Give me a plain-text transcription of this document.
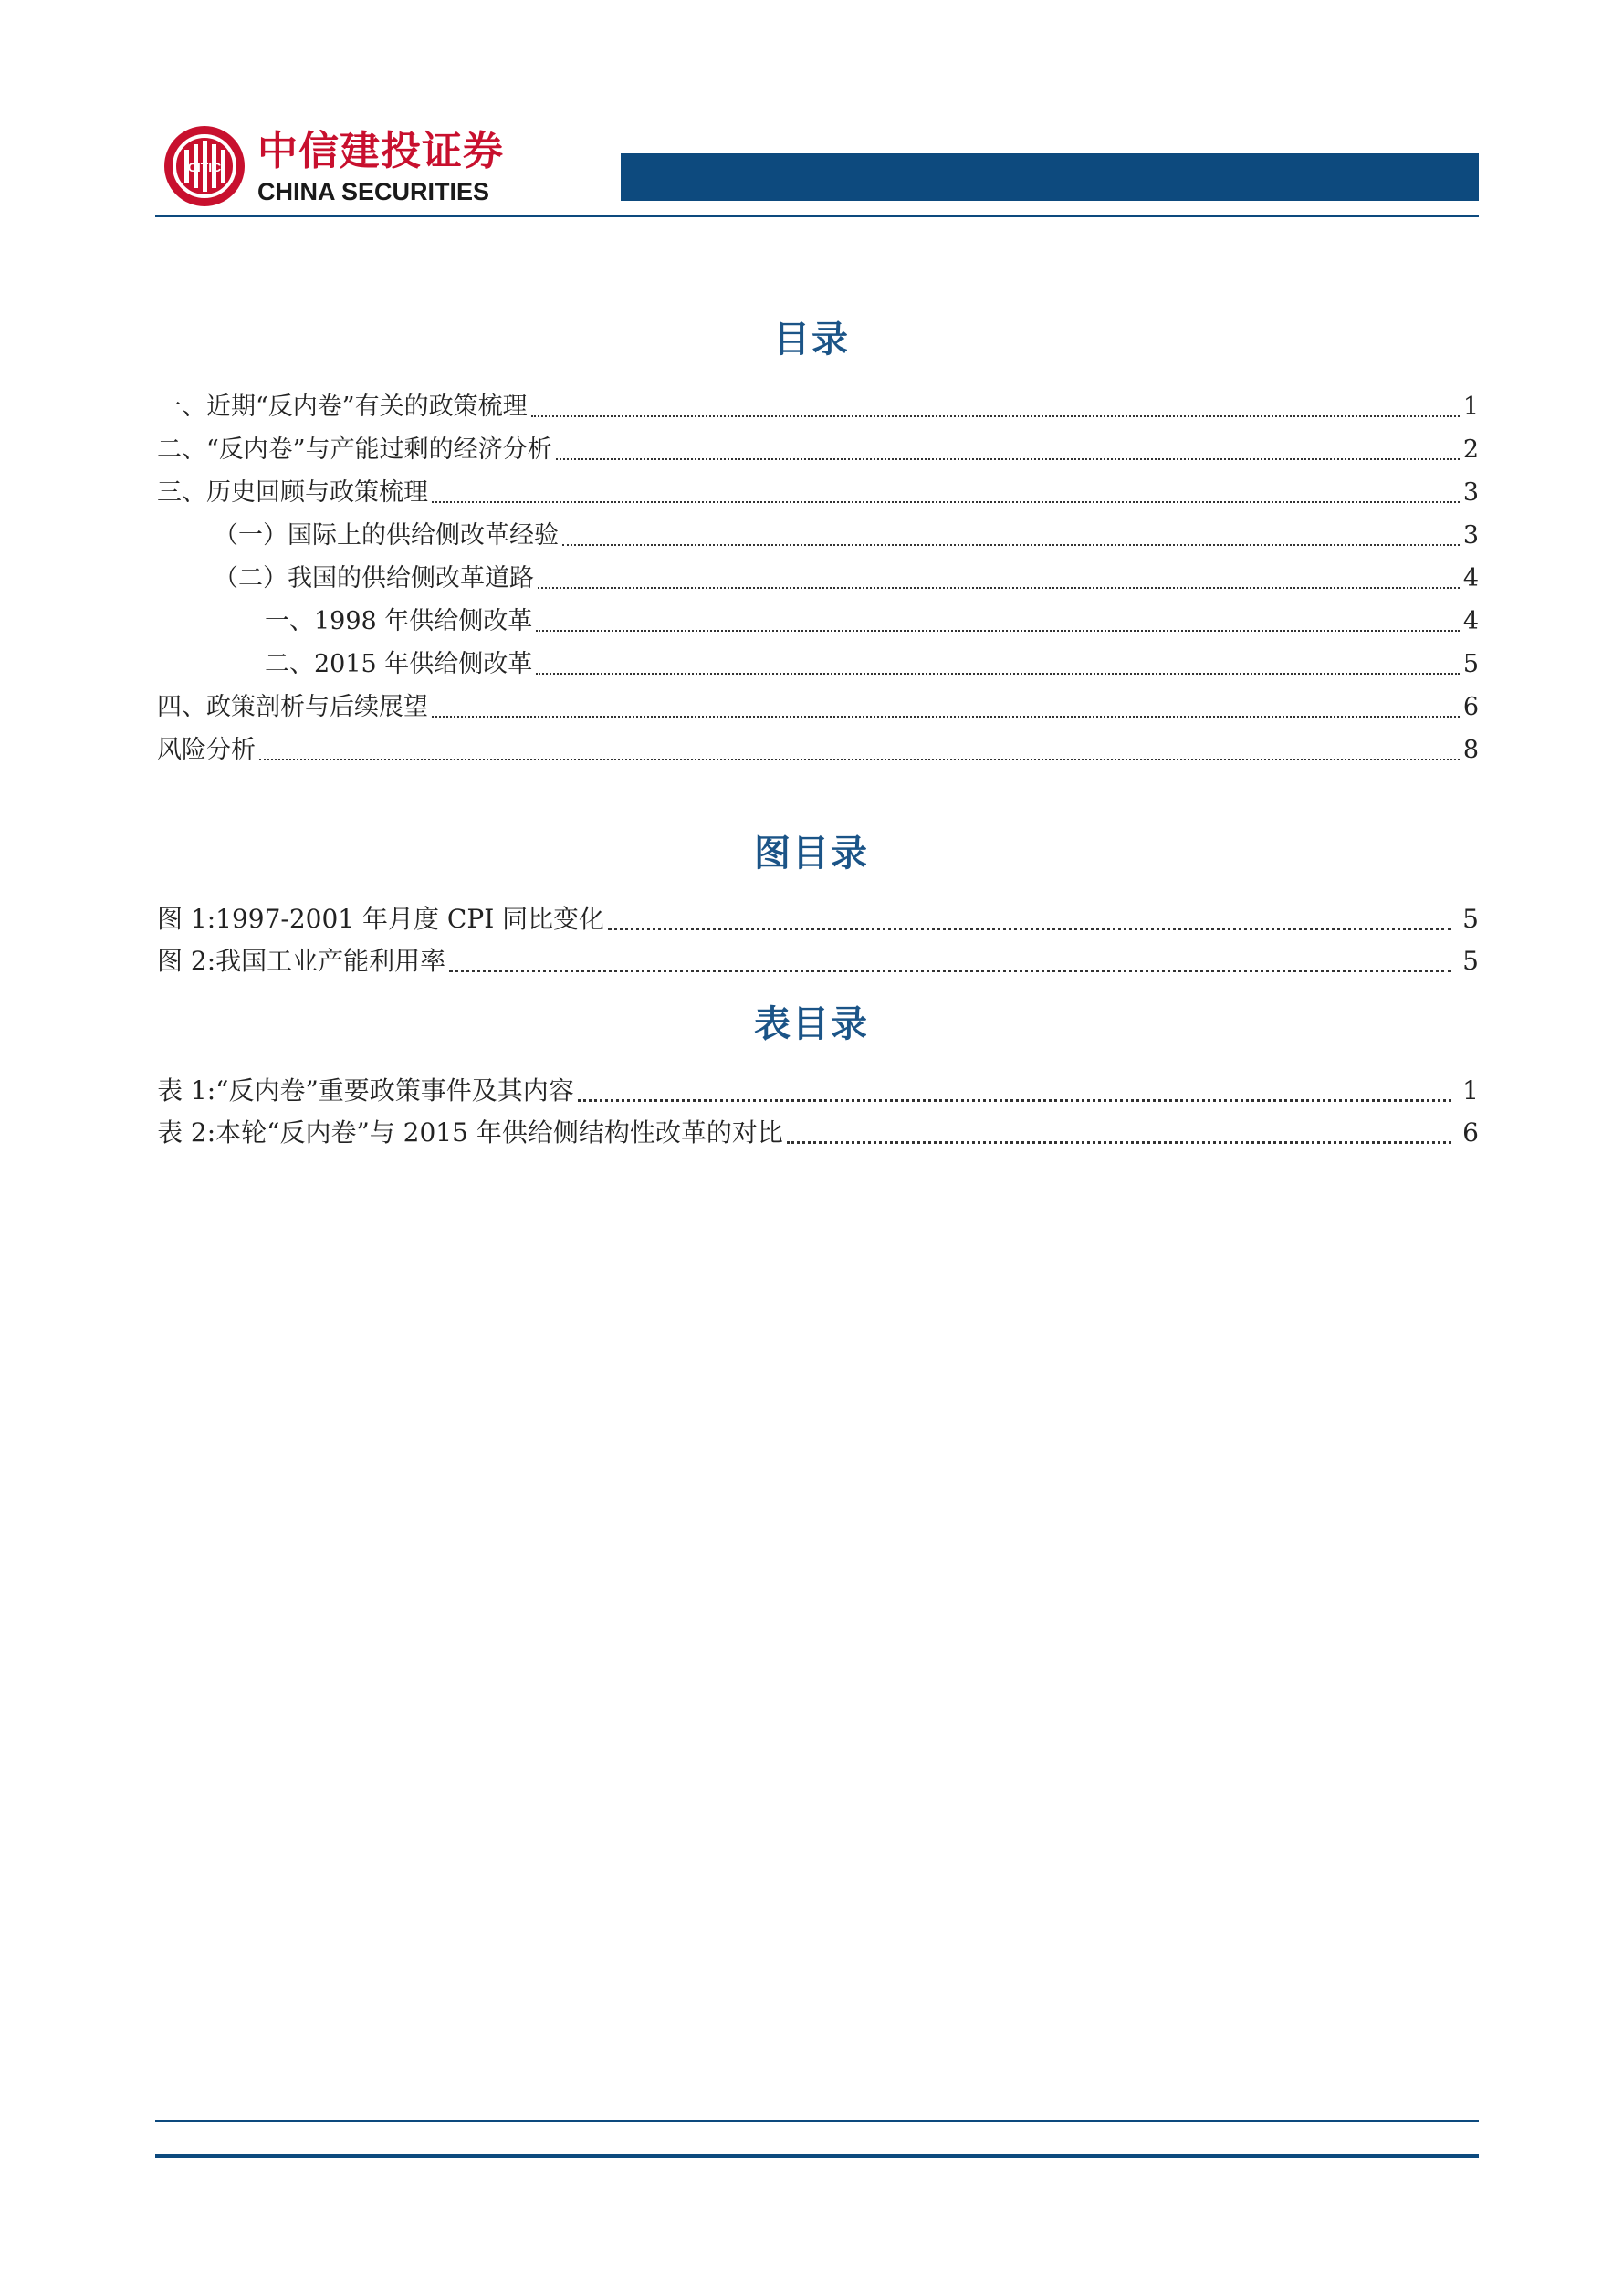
CITIC 中信建投证券
CHINA SECURITIES
目录
一、近期“反内卷”有关的政策梳理	1
二、“反内卷”与产能过剩的经济分析	2
三、历史回顾与政策梳理	3
（一）国际上的供给侧改革经验	3
（二）我国的供给侧改革道路	4
一、1998 年供给侧改革	4
二、2015 年供给侧改革	5
四、政策剖析与后续展望	6
风险分析	8
图目录
图 1:1997-2001 年月度 CPI 同比变化	5
图 2:我国工业产能利用率	5
表目录
表 1:“反内卷”重要政策事件及其内容	1
表 2:本轮“反内卷”与 2015 年供给侧结构性改革的对比	6
